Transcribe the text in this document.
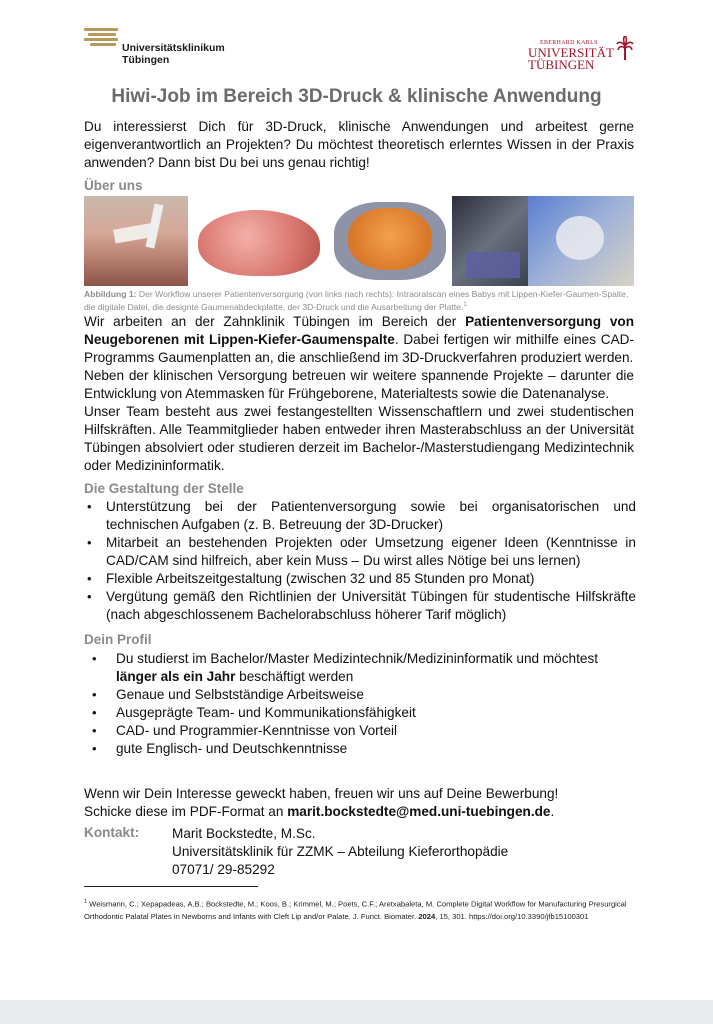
Universitätsklinikum
Tübingen
EBERHARD KARLS
UNIVERSITÄT
TÜBINGEN
Hiwi-Job im Bereich 3D-Druck & klinische Anwendung
Du interessierst Dich für 3D-Druck, klinische Anwendungen und arbeitest gerne eigenverantwortlich an Projekten? Du möchtest theoretisch erlerntes Wissen in der Praxis anwenden? Dann bist Du bei uns genau richtig!
Über uns
Abbildung 1: Der Workflow unserer Patientenversorgung (von links nach rechts): Intraoralscan eines Babys mit Lippen-Kiefer-Gaumen-Spalte, die digitale Datei, die designte Gaumenabdeckplatte, der 3D-Druck und die Ausarbeitung der Platte.$^1$
Wir arbeiten an der Zahnklinik Tübingen im Bereich der Patientenversorgung von Neugeborenen mit Lippen-Kiefer-Gaumenspalte. Dabei fertigen wir mithilfe eines CAD-Programms Gaumenplatten an, die anschließend im 3D-Druckverfahren produziert werden.
Neben der klinischen Versorgung betreuen wir weitere spannende Projekte – darunter die Entwicklung von Atemmasken für Frühgeborene, Materialtests sowie die Datenanalyse.
Unser Team besteht aus zwei festangestellten Wissenschaftlern und zwei studentischen Hilfskräften. Alle Teammitglieder haben entweder ihren Masterabschluss an der Universität Tübingen absolviert oder studieren derzeit im Bachelor-/Masterstudiengang Medizintechnik oder Medizininformatik.
Die Gestaltung der Stelle
• Unterstützung bei der Patientenversorgung sowie bei organisatorischen und technischen Aufgaben (z. B. Betreuung der 3D-Drucker)
• Mitarbeit an bestehenden Projekten oder Umsetzung eigener Ideen (Kenntnisse in CAD/CAM sind hilfreich, aber kein Muss – Du wirst alles Nötige bei uns lernen)
• Flexible Arbeitszeitgestaltung (zwischen 32 und 85 Stunden pro Monat)
• Vergütung gemäß den Richtlinien der Universität Tübingen für studentische Hilfskräfte (nach abgeschlossenem Bachelorabschluss höherer Tarif möglich)
Dein Profil
• Du studierst im Bachelor/Master Medizintechnik/Medizininformatik und möchtest länger als ein Jahr beschäftigt werden
• Genaue und Selbstständige Arbeitsweise
• Ausgeprägte Team- und Kommunikationsfähigkeit
• CAD- und Programmier-Kenntnisse von Vorteil
• gute Englisch- und Deutschkenntnisse
Wenn wir Dein Interesse geweckt haben, freuen wir uns auf Deine Bewerbung!
Schicke diese im PDF-Format an marit.bockstedte@med.uni-tuebingen.de.
Kontakt: Marit Bockstedte, M.Sc.
Universitätsklinik für ZZMK – Abteilung Kieferorthopädie
07071/ 29-85292
$^1$ Weismann, C.; Xepapadeas, A.B.; Bockstedte, M.; Koos, B.; Krimmel, M.; Poets, C.F.; Aretxabaleta, M. Complete Digital Workflow for Manufacturing Presurgical Orthodontic Palatal Plates in Newborns and Infants with Cleft Lip and/or Palate. J. Funct. Biomater. 2024, 15, 301. https://doi.org/10.3390/jfb15100301
